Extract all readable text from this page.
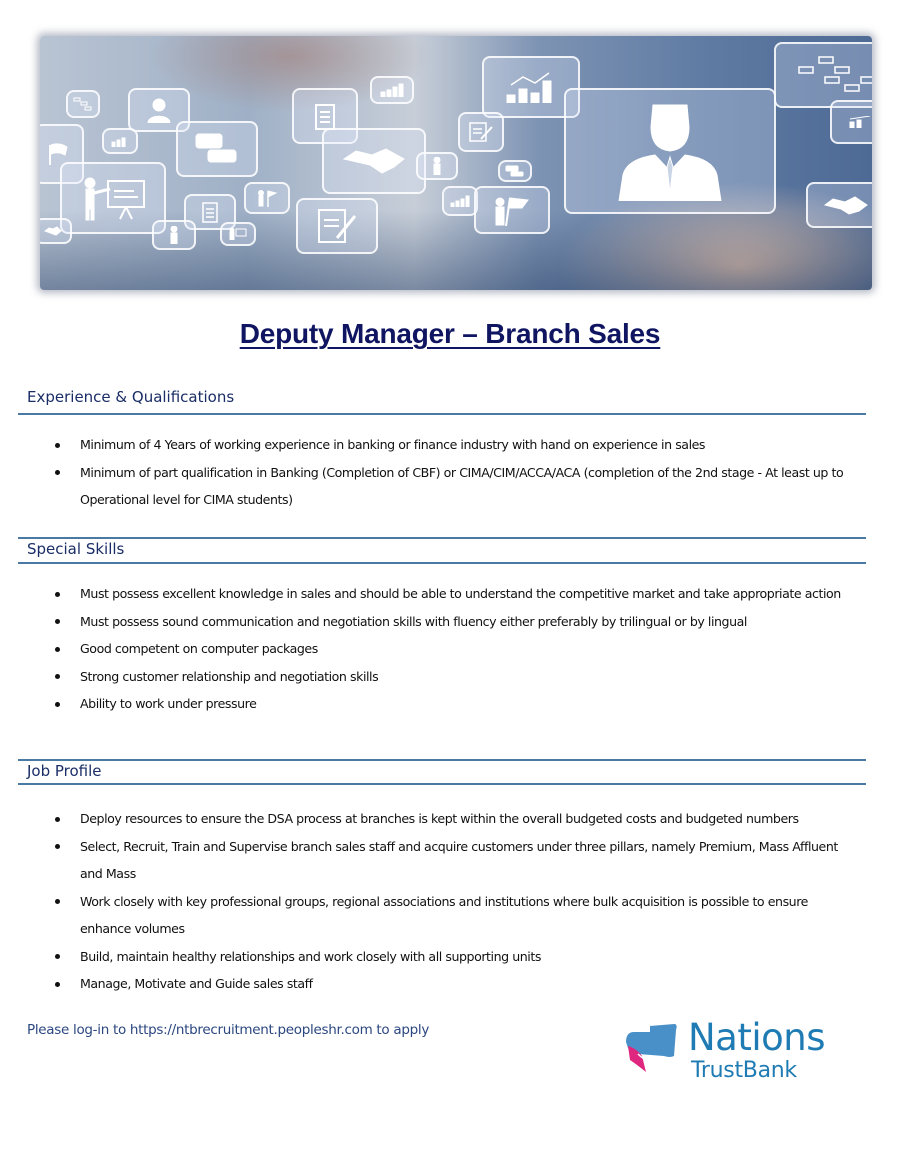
Deputy Manager – Branch Sales
Experience & Qualifications
Minimum of 4 Years of working experience in banking or finance industry with hand on experience in sales
Minimum of part qualification in Banking (Completion of CBF) or CIMA/CIM/ACCA/ACA (completion of the 2nd stage - At least up to Operational level for CIMA students)
Special Skills
Must possess excellent knowledge in sales and should be able to understand the competitive market and take appropriate action
Must possess sound communication and negotiation skills with fluency either preferably by trilingual or by lingual
Good competent on computer packages
Strong customer relationship and negotiation skills
Ability to work under pressure
Job Profile
Deploy resources to ensure the DSA process at branches is kept within the overall budgeted costs and budgeted numbers
Select, Recruit, Train and Supervise branch sales staff and acquire customers under three pillars, namely Premium, Mass Affluent and Mass
Work closely with key professional groups, regional associations and institutions where bulk acquisition is possible to ensure enhance volumes
Build, maintain healthy relationships and work closely with all supporting units
Manage, Motivate and Guide sales staff
Please log-in to https://ntbrecruitment.peopleshr.com to apply	Nations
TrustBank
